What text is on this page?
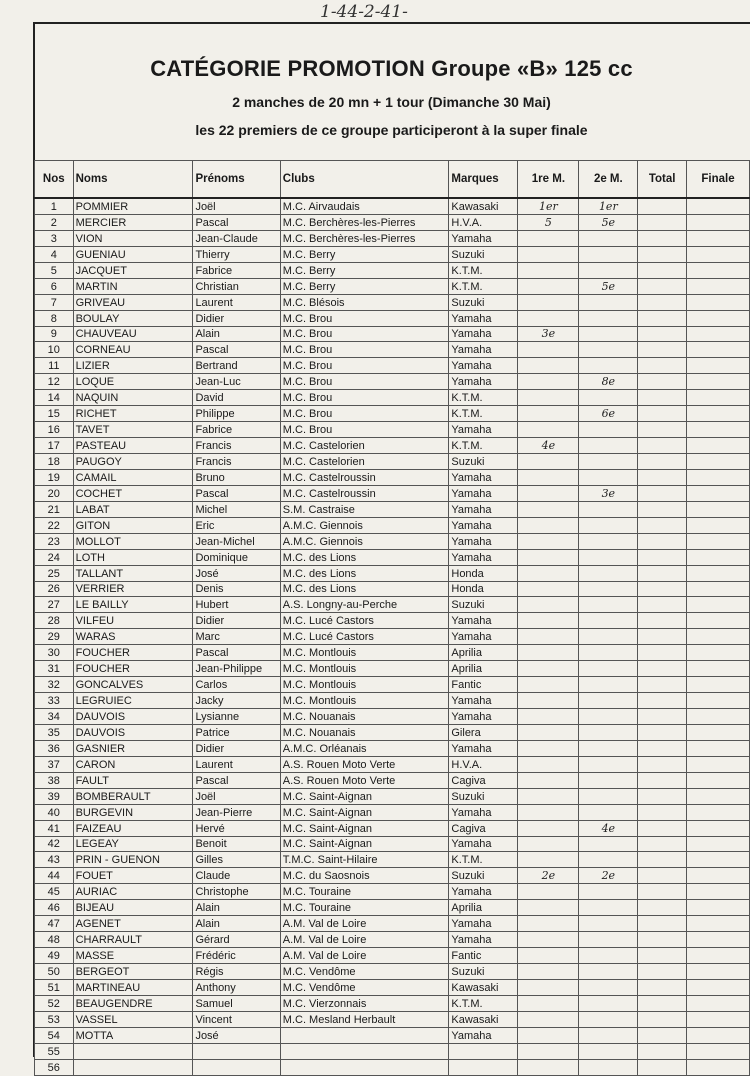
1-44-2-41-
CATÉGORIE PROMOTION Groupe «B» 125 cc
2 manches de 20 mn + 1 tour (Dimanche 30 Mai)
les 22 premiers de ce groupe participeront à la super finale
Nos	Noms	Prénoms	Clubs	Marques	1re M.	2e M.	Total	Finale
1	POMMIER	Joël	M.C. Airvaudais	Kawasaki	1er	1er		
2	MERCIER	Pascal	M.C. Berchères-les-Pierres	H.V.A.	5	5e		
3	VION	Jean-Claude	M.C. Berchères-les-Pierres	Yamaha				
4	GUENIAU	Thierry	M.C. Berry	Suzuki				
5	JACQUET	Fabrice	M.C. Berry	K.T.M.				
6	MARTIN	Christian	M.C. Berry	K.T.M.		5e		
7	GRIVEAU	Laurent	M.C. Blésois	Suzuki				
8	BOULAY	Didier	M.C. Brou	Yamaha				
9	CHAUVEAU	Alain	M.C. Brou	Yamaha	3e			
10	CORNEAU	Pascal	M.C. Brou	Yamaha				
11	LIZIER	Bertrand	M.C. Brou	Yamaha				
12	LOQUE	Jean-Luc	M.C. Brou	Yamaha		8e		
14	NAQUIN	David	M.C. Brou	K.T.M.				
15	RICHET	Philippe	M.C. Brou	K.T.M.		6e		
16	TAVET	Fabrice	M.C. Brou	Yamaha				
17	PASTEAU	Francis	M.C. Castelorien	K.T.M.	4e			
18	PAUGOY	Francis	M.C. Castelorien	Suzuki				
19	CAMAIL	Bruno	M.C. Castelroussin	Yamaha				
20	COCHET	Pascal	M.C. Castelroussin	Yamaha		3e		
21	LABAT	Michel	S.M. Castraise	Yamaha				
22	GITON	Eric	A.M.C. Giennois	Yamaha				
23	MOLLOT	Jean-Michel	A.M.C. Giennois	Yamaha				
24	LOTH	Dominique	M.C. des Lions	Yamaha				
25	TALLANT	José	M.C. des Lions	Honda				
26	VERRIER	Denis	M.C. des Lions	Honda				
27	LE BAILLY	Hubert	A.S. Longny-au-Perche	Suzuki				
28	VILFEU	Didier	M.C. Lucé Castors	Yamaha				
29	WARAS	Marc	M.C. Lucé Castors	Yamaha				
30	FOUCHER	Pascal	M.C. Montlouis	Aprilia				
31	FOUCHER	Jean-Philippe	M.C. Montlouis	Aprilia				
32	GONCALVES	Carlos	M.C. Montlouis	Fantic				
33	LEGRUIEC	Jacky	M.C. Montlouis	Yamaha				
34	DAUVOIS	Lysianne	M.C. Nouanais	Yamaha				
35	DAUVOIS	Patrice	M.C. Nouanais	Gilera				
36	GASNIER	Didier	A.M.C. Orléanais	Yamaha				
37	CARON	Laurent	A.S. Rouen Moto Verte	H.V.A.				
38	FAULT	Pascal	A.S. Rouen Moto Verte	Cagiva				
39	BOMBERAULT	Joël	M.C. Saint-Aignan	Suzuki				
40	BURGEVIN	Jean-Pierre	M.C. Saint-Aignan	Yamaha				
41	FAIZEAU	Hervé	M.C. Saint-Aignan	Cagiva		4e		
42	LEGEAY	Benoit	M.C. Saint-Aignan	Yamaha				
43	PRIN - GUENON	Gilles	T.M.C. Saint-Hilaire	K.T.M.				
44	FOUET	Claude	M.C. du Saosnois	Suzuki	2e	2e		
45	AURIAC	Christophe	M.C. Touraine	Yamaha				
46	BIJEAU	Alain	M.C. Touraine	Aprilia				
47	AGENET	Alain	A.M. Val de Loire	Yamaha				
48	CHARRAULT	Gérard	A.M. Val de Loire	Yamaha				
49	MASSE	Frédéric	A.M. Val de Loire	Fantic				
50	BERGEOT	Régis	M.C. Vendôme	Suzuki				
51	MARTINEAU	Anthony	M.C. Vendôme	Kawasaki				
52	BEAUGENDRE	Samuel	M.C. Vierzonnais	K.T.M.				
53	VASSEL	Vincent	M.C. Mesland Herbault	Kawasaki				
54	MOTTA	José		Yamaha				
55								
56								
